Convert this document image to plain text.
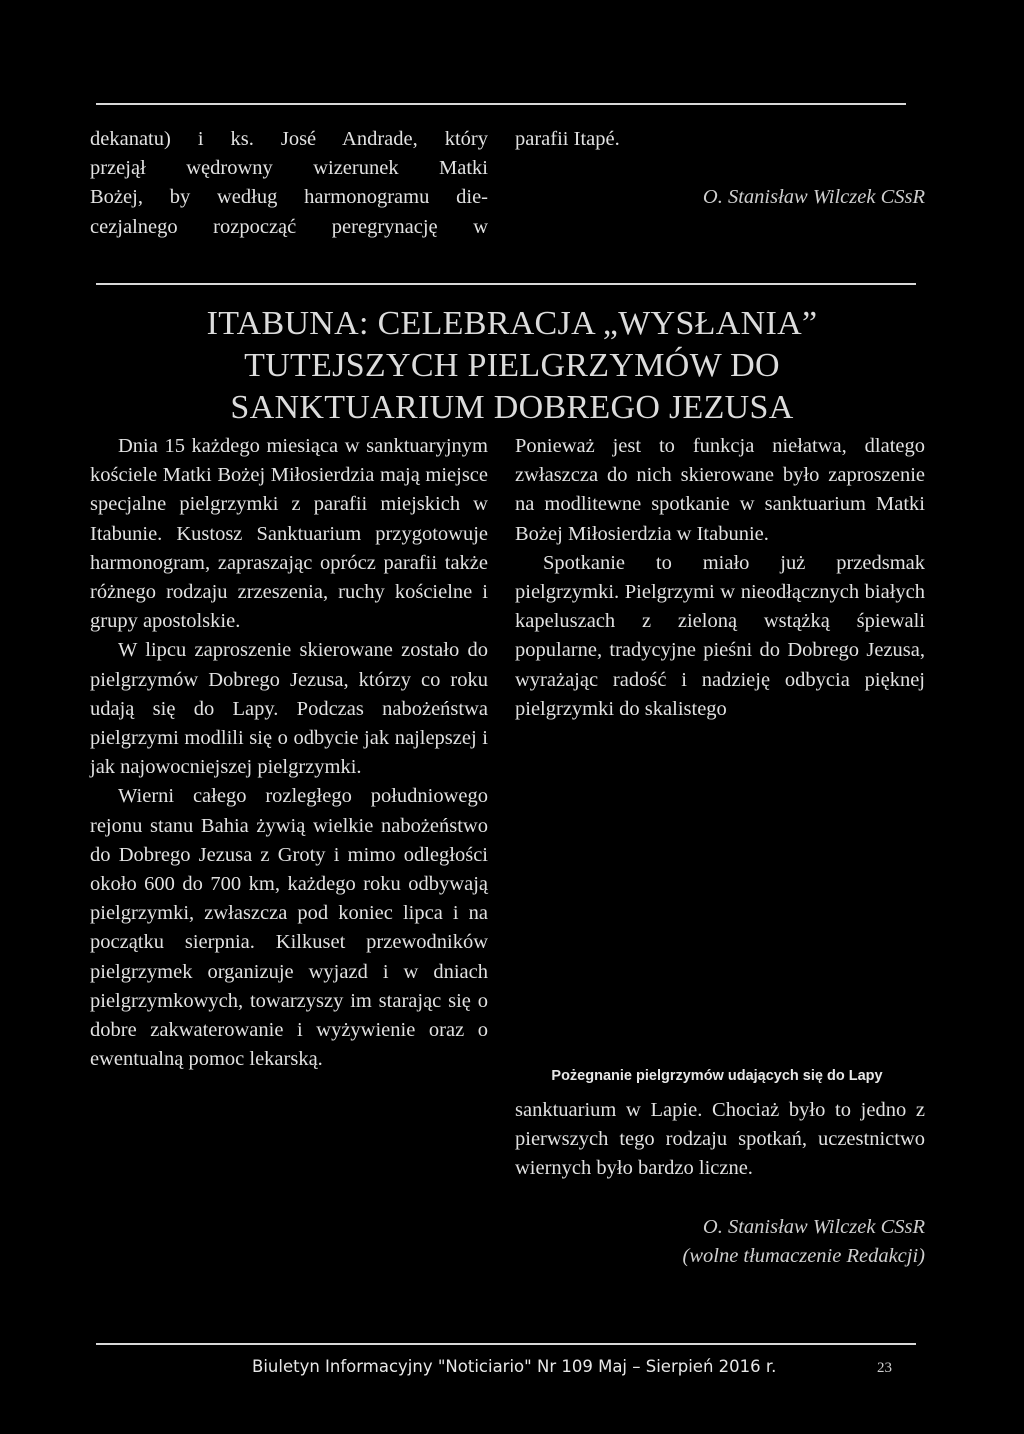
dekanatu) i ks. José Andrade, który
przejął wędrowny wizerunek Matki
Bożej, by według harmonogramu die-
cezjalnego rozpocząć peregrynację w
parafii Itapé.
O. Stanisław Wilczek CSsR
ITABUNA: CELEBRACJA „WYSŁANIA”
TUTEJSZYCH PIELGRZYMÓW DO
SANKTUARIUM DOBREGO JEZUSA

Dnia 15 każdego miesiąca w sanktuaryjnym kościele Matki Bożej Miłosierdzia mają miejsce specjalne pielgrzymki z parafii miejskich w Itabunie. Kustosz Sanktuarium przygotowuje harmonogram, zapraszając oprócz parafii także różnego rodzaju zrzeszenia, ruchy kościelne i grupy apostolskie.

W lipcu zaproszenie skierowane zostało do pielgrzymów Dobrego Jezusa, którzy co roku udają się do Lapy. Podczas nabożeństwa pielgrzymi modlili się o odbycie jak najlepszej i jak najowocniejszej pielgrzymki.

Wierni całego rozległego południowego rejonu stanu Bahia żywią wielkie nabożeństwo do Dobrego Jezusa z Groty i mimo odległości około 600 do 700 km, każdego roku odbywają pielgrzymki, zwłaszcza pod koniec lipca i na początku sierpnia. Kilkuset przewodników pielgrzymek organizuje wyjazd i w dniach pielgrzymkowych, towarzyszy im starając się o dobre zakwaterowanie i wyżywienie oraz o ewentualną pomoc lekarską.

Ponieważ jest to funkcja niełatwa, dlatego zwłaszcza do nich skierowane było zaproszenie na modlitewne spotkanie w sanktuarium Matki Bożej Miłosierdzia w Itabunie.

Spotkanie to miało już przedsmak pielgrzymki. Pielgrzymi w nieodłącznych białych kapeluszach z zieloną wstążką śpiewali popularne, tradycyjne pieśni do Dobrego Jezusa, wyrażając radość i nadzieję odbycia pięknej pielgrzymki do skalistego

Pożegnanie pielgrzymów udających się do Lapy

sanktuarium w Lapie. Chociaż było to jedno z pierwszych tego rodzaju spotkań, uczestnictwo wiernych było bardzo liczne.

O. Stanisław Wilczek CSsR
(wolne tłumaczenie Redakcji)
Biuletyn Informacyjny "Noticiario" Nr 109 Maj – Sierpień 2016 r.	23
